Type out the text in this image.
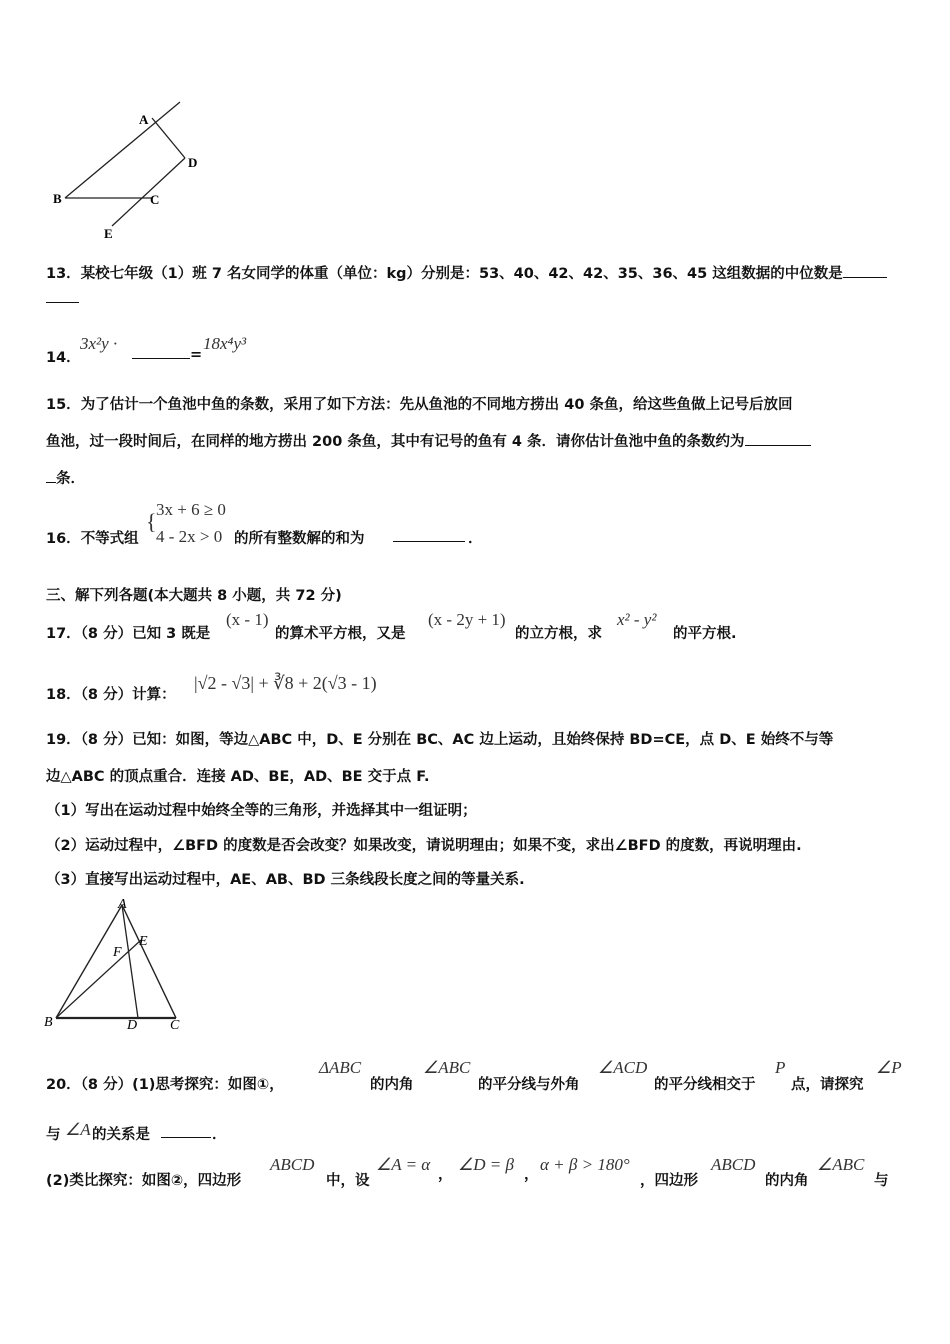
A
B	C
D
E
13．某校七年级（1）班 7 名女同学的体重（单位：kg）分别是：53、40、42、42、35、36、45 这组数据的中位数是
14．
3x²y ·
=
18x⁴y³
15．为了估计一个鱼池中鱼的条数，采用了如下方法：先从鱼池的不同地方捞出 40 条鱼，给这些鱼做上记号后放回
鱼池，过一段时间后，在同样的地方捞出 200 条鱼，其中有记号的鱼有 4 条．请你估计鱼池中鱼的条数约为
条．
16．不等式组
{ 3x + 6 ≥ 0
4 - 2x > 0 的所有整数解的和为	．
三、解下列各题(本大题共 8 小题，共 72 分)
17．（8 分）已知 3 既是
(x - 1)
的算术平方根，又是
(x - 2y + 1)
的立方根，求
x² - y²
的平方根.
18．（8 分）计算：
|√2 - √3| + ∛8 + 2(√3 - 1)
19．（8 分）已知：如图，等边△ABC 中，D、E 分别在 BC、AC 边上运动，且始终保持 BD=CE，点 D、E 始终不与等
边△ABC 的顶点重合．连接 AD、BE，AD、BE 交于点 F.
（1）写出在运动过程中始终全等的三角形，并选择其中一组证明；
（2）运动过程中，∠BFD 的度数是否会改变？如果改变，请说明理由；如果不变，求出∠BFD 的度数，再说明理由.
（3）直接写出运动过程中，AE、AB、BD 三条线段长度之间的等量关系.
A
B	C
D
E
F
20．（8 分）(1)思考探究：如图①，
ΔABC
的内角
∠ABC
的平分线与外角
∠ACD
的平分线相交于
P
点，请探究
∠P
与 ∠A 的关系是	．
(2)类比探究：如图②，四边形
ABCD
中，设
∠A = α
，
∠D = β
，
α + β > 180°
，四边形
ABCD
的内角
∠ABC
与
